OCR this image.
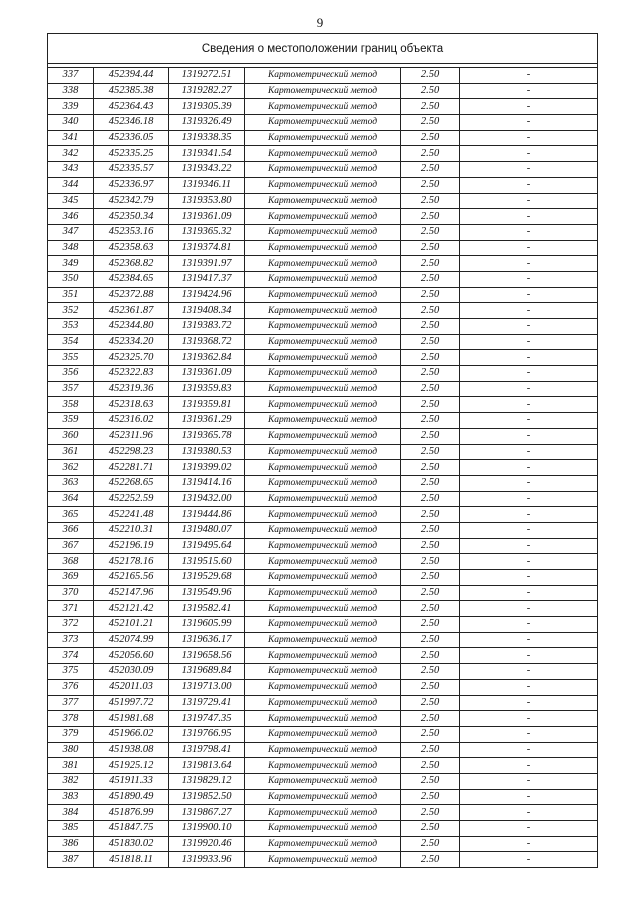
9
Сведения о местоположении границ объекта					

337	452394.44	1319272.51	Картометрический метод	2.50	-
338	452385.38	1319282.27	Картометрический метод	2.50	-
339	452364.43	1319305.39	Картометрический метод	2.50	-
340	452346.18	1319326.49	Картометрический метод	2.50	-
341	452336.05	1319338.35	Картометрический метод	2.50	-
342	452335.25	1319341.54	Картометрический метод	2.50	-
343	452335.57	1319343.22	Картометрический метод	2.50	-
344	452336.97	1319346.11	Картометрический метод	2.50	-
345	452342.79	1319353.80	Картометрический метод	2.50	-
346	452350.34	1319361.09	Картометрический метод	2.50	-
347	452353.16	1319365.32	Картометрический метод	2.50	-
348	452358.63	1319374.81	Картометрический метод	2.50	-
349	452368.82	1319391.97	Картометрический метод	2.50	-
350	452384.65	1319417.37	Картометрический метод	2.50	-
351	452372.88	1319424.96	Картометрический метод	2.50	-
352	452361.87	1319408.34	Картометрический метод	2.50	-
353	452344.80	1319383.72	Картометрический метод	2.50	-
354	452334.20	1319368.72	Картометрический метод	2.50	-
355	452325.70	1319362.84	Картометрический метод	2.50	-
356	452322.83	1319361.09	Картометрический метод	2.50	-
357	452319.36	1319359.83	Картометрический метод	2.50	-
358	452318.63	1319359.81	Картометрический метод	2.50	-
359	452316.02	1319361.29	Картометрический метод	2.50	-
360	452311.96	1319365.78	Картометрический метод	2.50	-
361	452298.23	1319380.53	Картометрический метод	2.50	-
362	452281.71	1319399.02	Картометрический метод	2.50	-
363	452268.65	1319414.16	Картометрический метод	2.50	-
364	452252.59	1319432.00	Картометрический метод	2.50	-
365	452241.48	1319444.86	Картометрический метод	2.50	-
366	452210.31	1319480.07	Картометрический метод	2.50	-
367	452196.19	1319495.64	Картометрический метод	2.50	-
368	452178.16	1319515.60	Картометрический метод	2.50	-
369	452165.56	1319529.68	Картометрический метод	2.50	-
370	452147.96	1319549.96	Картометрический метод	2.50	-
371	452121.42	1319582.41	Картометрический метод	2.50	-
372	452101.21	1319605.99	Картометрический метод	2.50	-
373	452074.99	1319636.17	Картометрический метод	2.50	-
374	452056.60	1319658.56	Картометрический метод	2.50	-
375	452030.09	1319689.84	Картометрический метод	2.50	-
376	452011.03	1319713.00	Картометрический метод	2.50	-
377	451997.72	1319729.41	Картометрический метод	2.50	-
378	451981.68	1319747.35	Картометрический метод	2.50	-
379	451966.02	1319766.95	Картометрический метод	2.50	-
380	451938.08	1319798.41	Картометрический метод	2.50	-
381	451925.12	1319813.64	Картометрический метод	2.50	-
382	451911.33	1319829.12	Картометрический метод	2.50	-
383	451890.49	1319852.50	Картометрический метод	2.50	-
384	451876.99	1319867.27	Картометрический метод	2.50	-
385	451847.75	1319900.10	Картометрический метод	2.50	-
386	451830.02	1319920.46	Картометрический метод	2.50	-
387	451818.11	1319933.96	Картометрический метод	2.50	-
